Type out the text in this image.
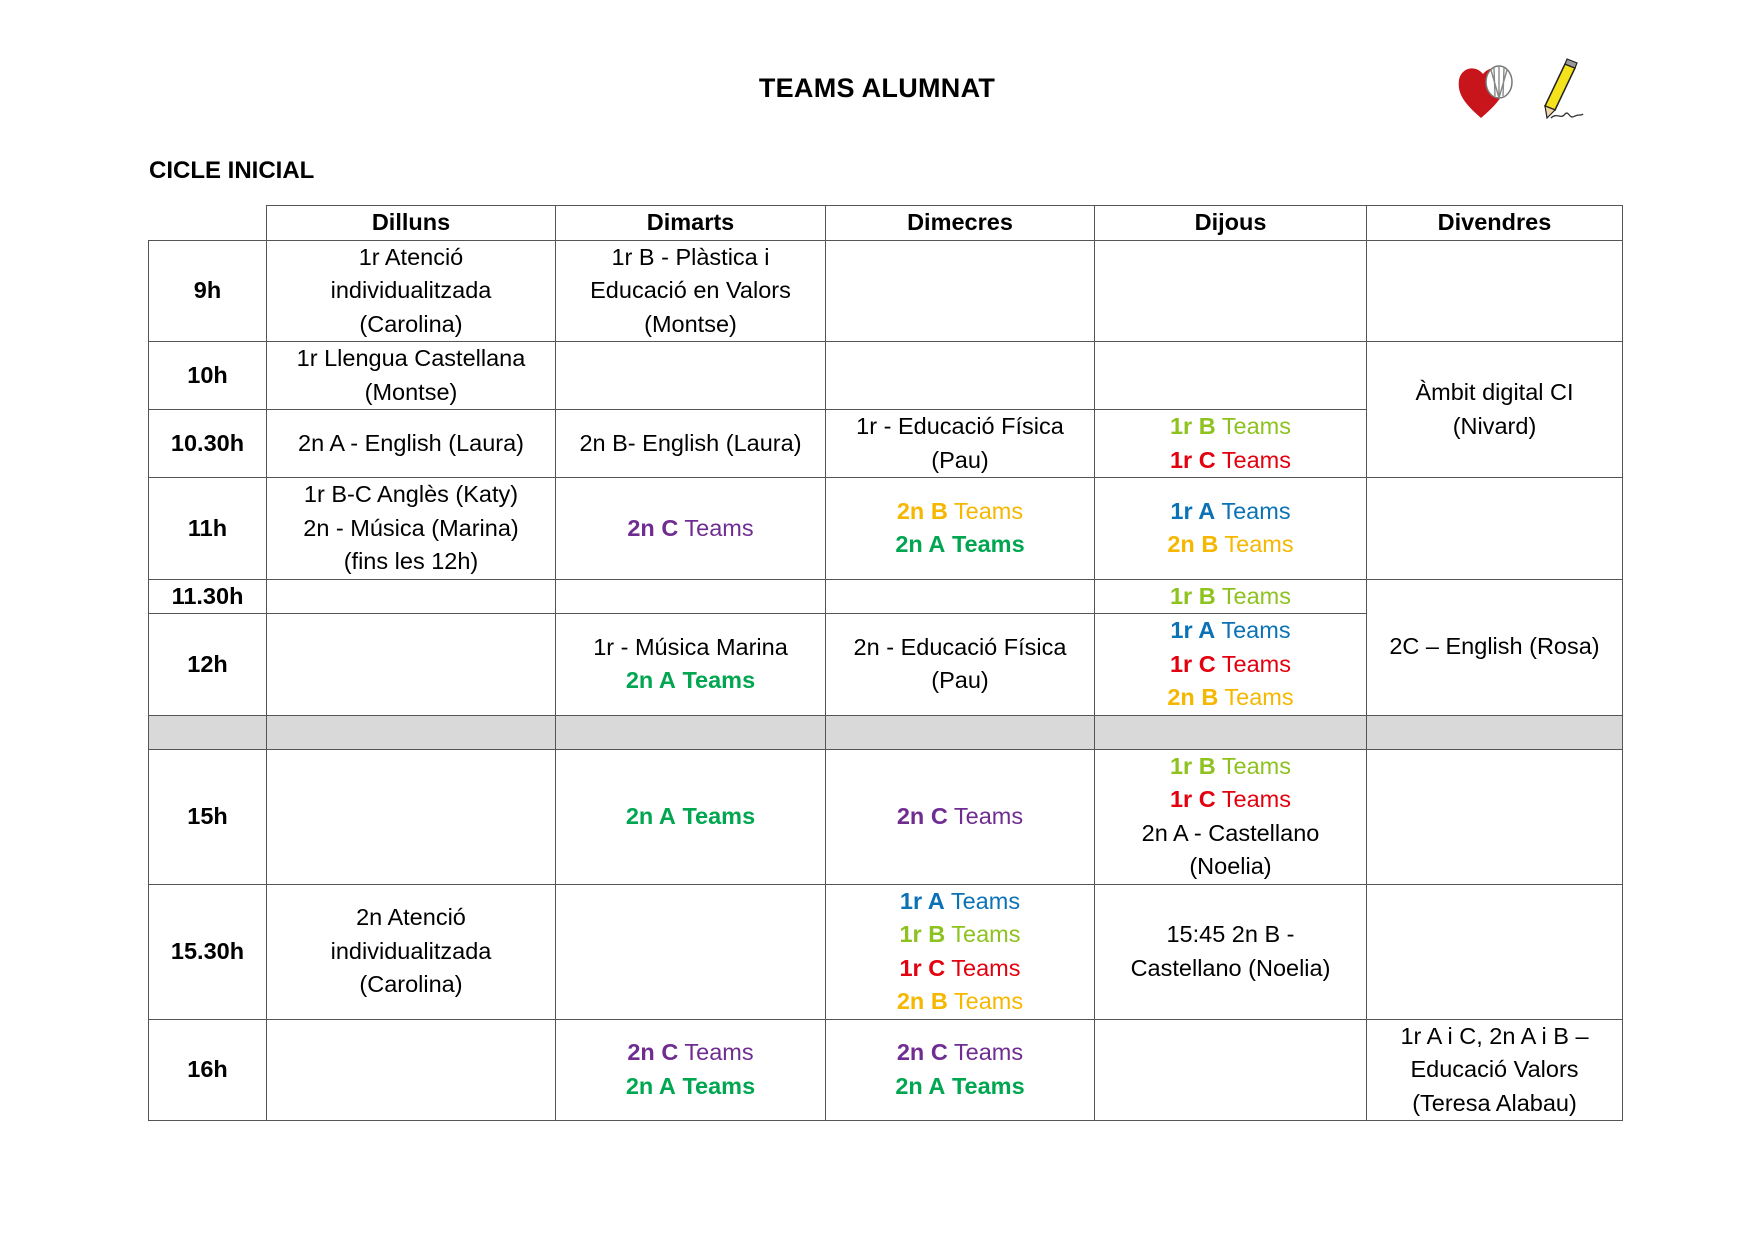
TEAMS ALUMNAT
CICLE INICIAL
	Dilluns	Dimarts	Dimecres	Dijous	Divendres
9h	1r Atenció
individualitzada
(Carolina)	1r B - Plàstica i
Educació en Valors
(Montse)			

10h	1r Llengua Castellana
(Montse)				Àmbit digital CI
(Nivard)

10.30h	2n A - English (Laura)	2n B- English (Laura)	1r - Educació Física
(Pau)	1r B Teams
1r C Teams	

11h	1r B-C Anglès (Katy)
2n - Música (Marina)
(fins les 12h)	2n C Teams	2n B Teams
2n A Teams	1r A Teams
2n B Teams	

11.30h				1r B Teams	2C – English (Rosa)

12h		1r - Música Marina
2n A Teams	2n - Educació Física
(Pau)	1r A Teams
1r C Teams
2n B Teams	

15h		2n A Teams	2n C Teams	1r B Teams
1r C Teams
2n A - Castellano
(Noelia)	

15.30h	2n Atenció
individualitzada
(Carolina)		1r A Teams
1r B Teams
1r C Teams
2n B Teams	15:45 2n B -
Castellano (Noelia)	

16h		2n C Teams
2n A Teams	2n C Teams
2n A Teams		1r A i C, 2n A i B –
Educació Valors
(Teresa Alabau)
